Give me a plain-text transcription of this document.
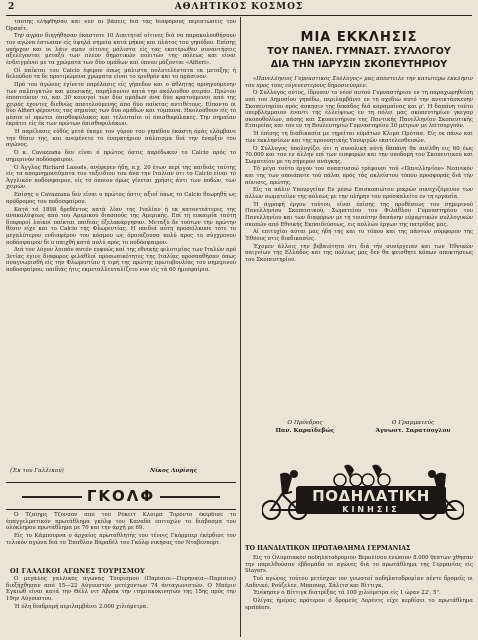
2	ΑΘΛΗΤΙΚΟΣ ΚΟΣΜΟΣ

ταύτης ελήφθησαν και νυν αι βάσεις διά τας διαφόρους περιπτώσεις του Όρσαϊτ.

Την άγραν διηγήθησαν έκαστοτε 10 Διαιτηταί οίτινες διά να παρακολουθήσουν τον αγώνα έστωσαν είς ύψηλά σημεία κατά μήκος και πλάτος του γηπέδου. Επίσης υπήρχον και οι λάιν σμαν οίτινες μάλιστα είς τας εκατέρωθεν συναντήσεις αξελέγονται μεταξύ των πλέον δημοτικών πολιτών της πόλεως και είναι ένδειγμένοι με τα χρώματα των δύο ομάδων και ύπνου μάζονται «Alfieri».

Οί παίκται του Calcio έφερον όπως μάλιστα πολυτελέστατα εκ μεταξης ή δελούδου τα δε προτιμώμενα χρώματα είναι το ερυθρόν και το πράσινον.

Πρό του άγώνος έγίνετο παρέλασις είς γήπεδον και ο άθλητης προηγούμενην των σαλπιγκτών και μουσικής, παρήλαυνον κατά την ακόλουθον σειράν. Πρώτον έποπτεύουν το, και 30 κουνγοί των δύο ομάδων άνα δύο κρατούμενοι από της χειρός έχοντες διεθνώς αποτελούμενης άπο δύο παίκτας αντιθέτους. Είποντο οι δύο Alfieri φέροντες τας σημαίας των δύο ομάδων και τύμπανα. Ηκολούθουν είς τό μέσον οί πρώτοι όπισθοφύλακες και τελευταίοι οί όπισθοφύλακες. Την σημαίαν έκράτει είς έκ των πρώτων όπισθοφυλάκων.

Ή παρέλασις εύθύς μετά έκαμε τον γύρον του γηπέδου έκάστη όμάς ελάμβανε την θέσιν της, και ανεμένετο το έναρκτήριον σάλπισμα διά την έναρξιν του αγώνος.

Ό κ. Cavazzana δεν είναι ό πρώτος όστις παρέδωκεν το Calcio πρός το σημερινόν ποδόσφαιρον.

Ό Άγγλος Richard Lassels, ανέφερεν ήδη, π.χ. 20 έτων περί της παιδιάς ταύτης είς τα απομνημονεύματα του ταξειδιου του άνα την Ιταλίαν ότι το Calcio είναι το Άγγλικόν ποδόσφαιρον, είς το όποιον όμως γίνεται χρήσις άντι των ποδών, των χειρών.

Επίσης ο Cavazzana δεν είναι ο πρώτος όστις αξιοί όπως το Calcio θεωρηθή ως πρόδρομος του ποδοσφαίρου.

Κατά τό 1898 δρεθέντος κατά λίαν της Ιταλίαν ή εκ κατοντεάτερες της ανακαλύψεως από του Αμερικού διασπούς της Αμερικής. Επί τη ευκαιρία ταύτη διαφοροί λαϊκοί παίκται παιδιάς έξελακάργησαν. Μεταξύ δε τούτων την πρώτην θέσιν είχε και το Calcio της Φλωρεντίας. Η παιδιά αύτη προσείλκυσε τότε το μεγαλύτερον ενδιαφέρον του κόσμου ως όμοιαζουσα πολύ προς το σύγχρονον ποδόσφαιρον δι ο παιχθή κατά πολύ πρός το ποδόσφαιρον.

Διά τον λόγον λοιπόν αυτόν ευφυώς καί της εθνικής φιλοτιμίας των Ιταλών πρό 3ετίας έγινε διαφορος φιλαθλοί προσωπικότητες της Ιταλίας προσπαθήσαν όπως αναγνωρισθή είς την Φλωρεντίαν ή τιμή της πρώτης πρωτοβουλίας του σημερινού ποδοσφαίρου, παιδιάς ήτις εκμεταλλευταλίζετο νυν είς τά 60 ήμισφαίρια.

(Έκ του Γαλλικού)	Νίκος Λυρίνης
ΓΚΟΛΦ

Ό Τζαίημς Τζόνσον από τοΰ Ρόκεϊτ Κλοιμπ Τορόντο έκέρδισε το έπαγγελματικόν πρωτάθλημα γκόλφ του Καναδά επιτυχών το διάβασμα του ολόκληρου πρωτάθλημα με 70 και την άρχή με 69.

Είς το Κάμπουρνα ο άρχαίος πρωταθλητής του τέννις Γκόρμπερ έκέρδισε τον τελικόν αγώνα διά το Έπαθλον Βαραδέλ του Γκόλφ νικήσας τον Νταβενπορτ.

ΟΙ ΓΑΛΛΙΚΟΙ ΑΓΩΝΕΣ ΤΟΥΡΙΣΜΟΥ

Ο μεγάλος γαλλικός αγώνας Τουρισμού (Παρίσιοι—Πυρηναϊα—Παρίσιοι) διεξήχθησαν από 15—22 Αύγουστον μετέχοντων 74 άνταγωνιστών. Ο Μπέριν Εγκιώθ είναι κατά την Θέλλ νιτ Αβράκ την ιτημιακοκινητών της 15ης πρός την 19ην Αύγουστου.

Ή όλη διαδρομή περιλαμβάνει 2.000 χιλιόμετρα.

ΜΙΑ ΕΚΚΛΗΣΙΣ
ΤΟΥ ΠΑΝΕΛ. ΓΥΜΝΑΣΤ. ΣΥΛΛΟΓΟΥ
ΔΙΑ ΤΗΝ ΙΔΡΥΣΙΝ ΣΚΟΠΕΥΤΗΡΙΟΥ

«Πανελλήνιος Γυμναστικός Σύλλογος» μας απέστειλε την κατωτέρω έκκλησιν του προς τους εύγενεστερους δημοσιεύομεν.

Ό Σύλλογος ούτος, ίδρυσεν το νέον αυτού Γυμναστήριον εν τη παραχωρηθείση υπό του Δημοσίου γηπέδω, περιλαμβάνει εν τη σχεδιω αυτό την ανεικτάσκευην Σκοπευτηρίου πρός άσκησιν της δεκάδος διά καραμπίνας και ρ'. Η δαπάνη τούτο υπερβλέμμαιον έναντι της έλλείψεως εν τη πόλει μας σκοπευτηρίων γκεγαρ σκοποθολίων, πάσης και Σκοπευτήριον της Παντικής Πανελληνίου Σκοπευτικής Εταιρείας και του εν τη Βουλευτηρίω Γυμναστηρίου 30 μέτρων με λειτουργούν.

Ή έπίσης τη διαδικασία με τηρείται εύμάτων Κλιμα Πρότασ. Είς εκ πάνω και των έκκλησίεων και της προνοητικής Υπουργών εκατελεσθεισών.

Ό Σύλλογος ύπολογίζει ότι η συνολική αύτή δαπάνη θα ανέλθη εις 60 έως 70.000 και του εν άλλην επί των εισφορών και την υποδομή του Σκοπευτικού και Σωματείου με τη σήμερον ανάγκης.

Τό μέγα τούτο έργον του αναπτυσσώ τρέφουσι τού «Πανελληνίου» Νεανικόν και της των οποιάποτε τού πάλαι πρός τάς ακλείστου τόπου προσφοράς διά τήν αύνισις, πρώτης.

Είς τα πάλιν Υπουργείαν Εν μέσω Επισκοπιώτου μικρών συνεχιζόμενον των άλλων σωματείων της πόλεως με την πλήρην του προσκαλείτο εν τη εργασία.

Ή άγραφή έργου τούτου, είναι έπίσης της προθέσεως του σημερινού Πανελληνίου Σκοπευτικού, Σωματείου του Φιλάθλου Γυμναστηρίου του Πανελληνίου και των διαφόρων με τη τοιαύτην δαπάνην εύμαρτικών συλλογικών σκοπών από Εθνικής Εκπαιδεύσεως, εις πολλών έργων της πατρίδος μας.

Αί επιτυχίαι αύται μας ήδη της και το τόπου και της πάντων σύμφορον της Έθνους στις διαδικασίες.

Έχομεν άλλοις την βεβαιότητα ότι διά τήν συνέργειαν και των Έθνικών παιγνίων της Ελλάδος και της πόλεως μας δεν θα φεισθητε κόπων αποκτήσεως του Σκοπευτηρίου.

Ο Πρόεδρος	Ο Γραμματεύς
Παν. Καραϊδεβώς	Άγνωστ. Σαρατσογλου
ΠΟΔΗΛΑΤΙΚΗ
ΚΙΝΗΣΙΣ
ΤΟ ΠΑΝΔΙΑΤΙΚΟΝ ΠΡΩΤΑΘΛΗΜΑ ΓΕΡΜΑΝΙΑΣ

Είς τό Ολυμπιακόν ποδηλατοδρόμιον Βερολίνου ένώπιον 8.000 θεατών χθήσαν την παρελθούσαν έβδομάδα οι αγώνες διά το πρωτάθλημα της Γερμανίας είς Stayers.

Τού αγώνος τούτου μετέσχον ιον γνωστοί ποδηλατοδρομίαν πέντε δρομείς οι Λαδνικό, Ρούζελεν, Μπαουερ, Σάλιτσ και Βίττιγκ.

Ένίκησεν ό Βίττιγκ διατρέξας τά 100 χιλιόμετρα είς 1 ώραν 22', 5".

Όλίγας ήμέρας πρότερον ό δρομεύς Λορέντς είχε κερδίσει το πρωτάθλημα sprinters.
